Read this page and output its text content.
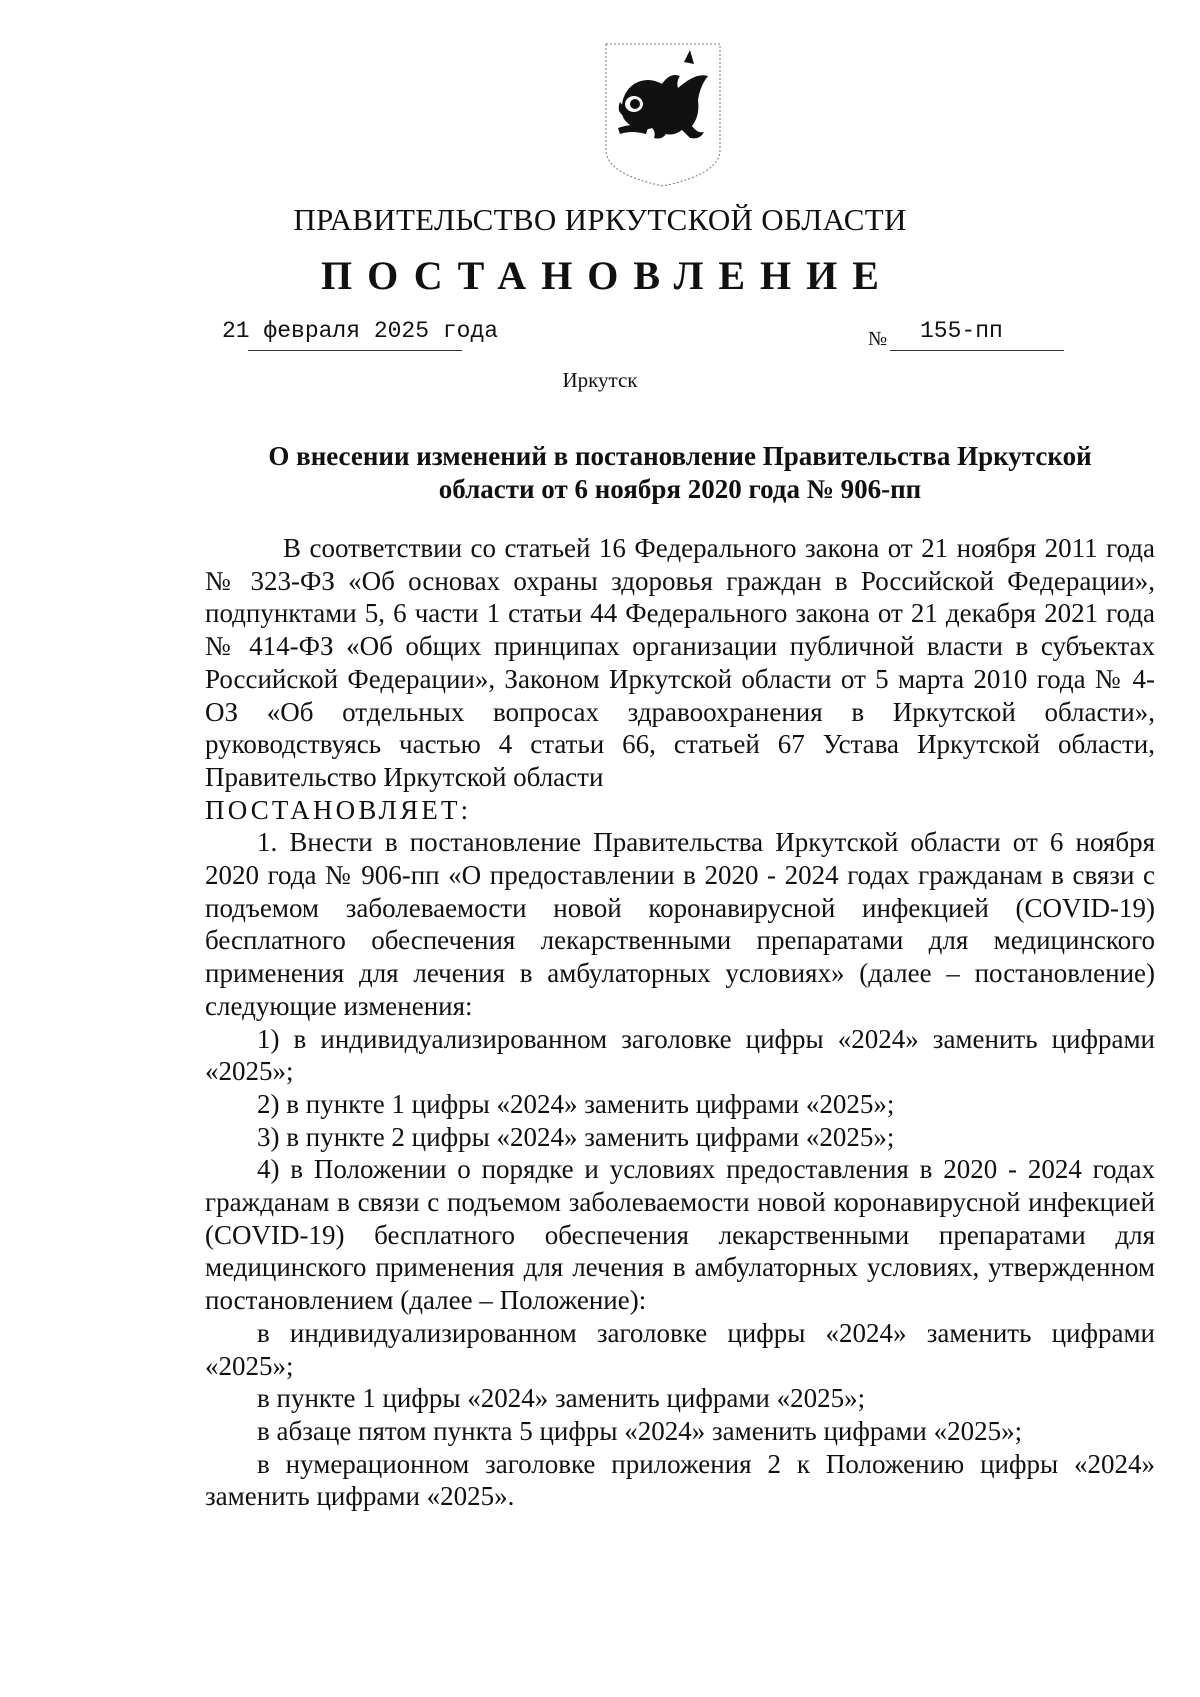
ПРАВИТЕЛЬСТВО ИРКУТСКОЙ ОБЛАСТИ
ПОСТАНОВЛЕНИЕ
21 февраля 2025 года	№ 155-пп
Иркутск
О внесении изменений в постановление Правительства Иркутской
области от 6 ноября 2020 года № 906-пп

В соответствии со статьей 16 Федерального закона от 21 ноября 2011 года № 323-ФЗ «Об основах охраны здоровья граждан в Российской Федерации», подпунктами 5, 6 части 1 статьи 44 Федерального закона от 21 декабря 2021 года № 414-ФЗ «Об общих принципах организации публичной власти в субъектах Российской Федерации», Законом Иркутской области от 5 марта 2010 года № 4-ОЗ «Об отдельных вопросах здравоохранения в Иркутской области», руководствуясь частью 4 статьи 66, статьей 67 Устава Иркутской области, Правительство Иркутской области

ПОСТАНОВЛЯЕТ:

1. Внести в постановление Правительства Иркутской области от 6 ноября 2020 года № 906-пп «О предоставлении в 2020 - 2024 годах гражданам в связи с подъемом заболеваемости новой коронавирусной инфекцией (COVID-19) бесплатного обеспечения лекарственными препаратами для медицинского применения для лечения в амбулаторных условиях» (далее – постановление) следующие изменения:

1) в индивидуализированном заголовке цифры «2024» заменить цифрами «2025»;

2) в пункте 1 цифры «2024» заменить цифрами «2025»;

3) в пункте 2 цифры «2024» заменить цифрами «2025»;

4) в Положении о порядке и условиях предоставления в 2020 - 2024 годах гражданам в связи с подъемом заболеваемости новой коронавирусной инфекцией (COVID-19) бесплатного обеспечения лекарственными препаратами для медицинского применения для лечения в амбулаторных условиях, утвержденном постановлением (далее – Положение):

в индивидуализированном заголовке цифры «2024» заменить цифрами «2025»;

в пункте 1 цифры «2024» заменить цифрами «2025»;

в абзаце пятом пункта 5 цифры «2024» заменить цифрами «2025»;

в нумерационном заголовке приложения 2 к Положению цифры «2024» заменить цифрами «2025».
